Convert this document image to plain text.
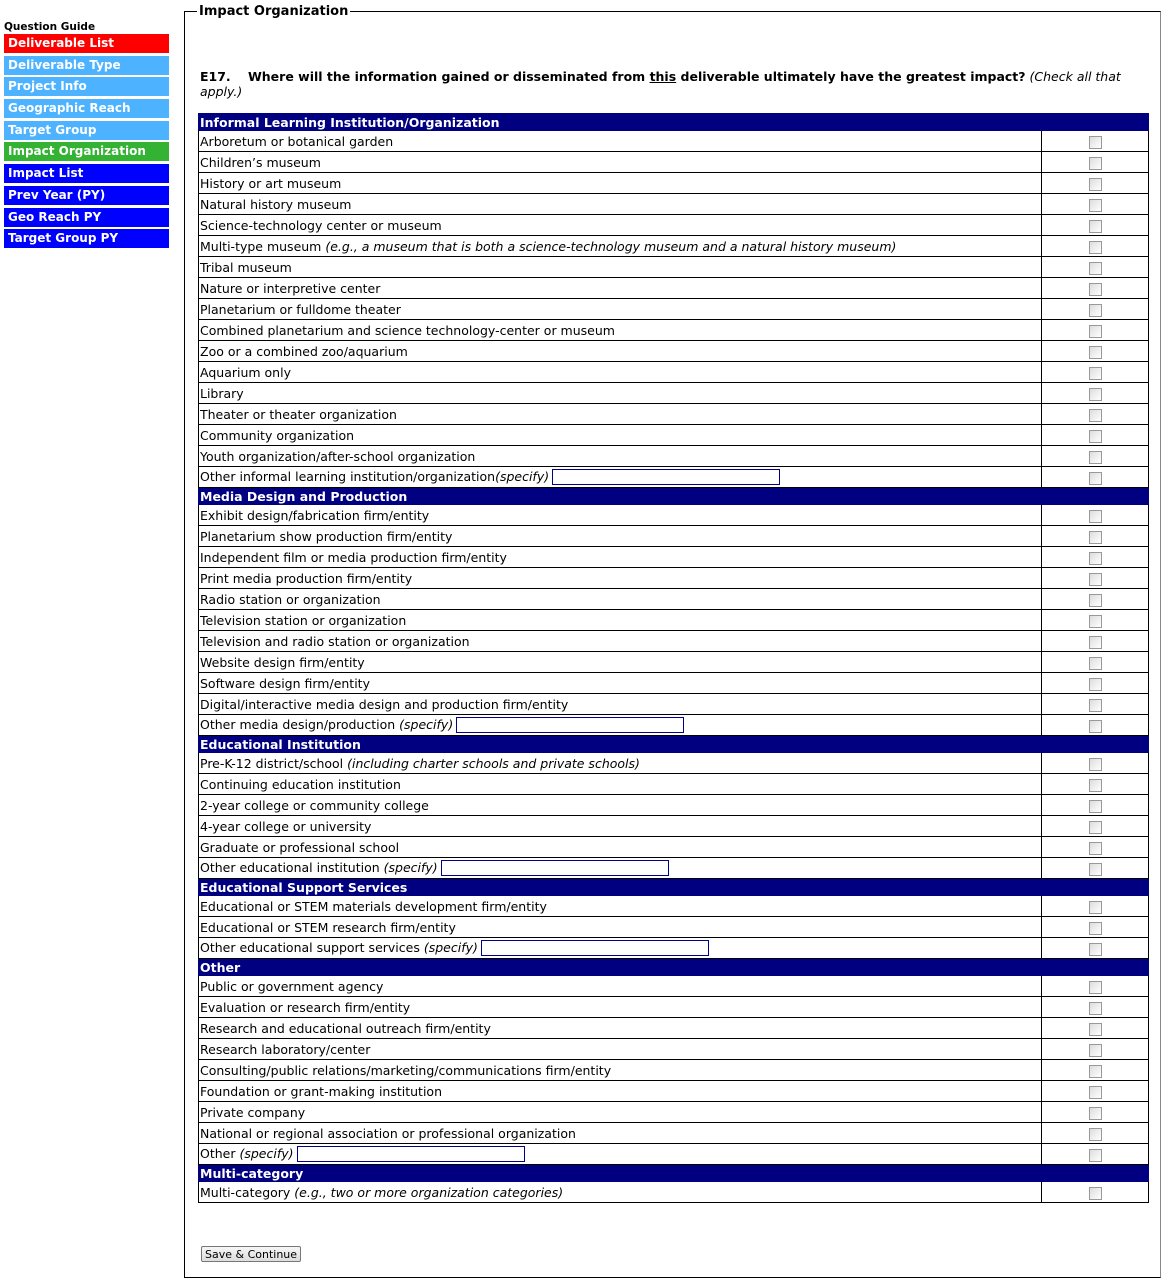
Question Guide
Deliverable List
Deliverable Type
Project Info
Geographic Reach
Target Group
Impact Organization
Impact List
Prev Year (PY)
Geo Reach PY
Target Group PY
Impact Organization
E17. Where will the information gained or disseminated from this deliverable ultimately have the greatest impact? (Check all that apply.)
Informal Learning Institution/Organization	
Arboretum or botanical garden	
Children’s museum	
History or art museum	
Natural history museum	
Science-technology center or museum	
Multi-type museum (e.g., a museum that is both a science-technology museum and a natural history museum)	
Tribal museum	
Nature or interpretive center	
Planetarium or fulldome theater	
Combined planetarium and science technology-center or museum	
Zoo or a combined zoo/aquarium	
Aquarium only	
Library	
Theater or theater organization	
Community organization	
Youth organization/after-school organization	
Other informal learning institution/organization(specify)	
Media Design and Production	
Exhibit design/fabrication firm/entity	
Planetarium show production firm/entity	
Independent film or media production firm/entity	
Print media production firm/entity	
Radio station or organization	
Television station or organization	
Television and radio station or organization	
Website design firm/entity	
Software design firm/entity	
Digital/interactive media design and production firm/entity	
Other media design/production (specify)	
Educational Institution	
Pre-K-12 district/school (including charter schools and private schools)	
Continuing education institution	
2-year college or community college	
4-year college or university	
Graduate or professional school	
Other educational institution (specify)	
Educational Support Services	
Educational or STEM materials development firm/entity	
Educational or STEM research firm/entity	
Other educational support services (specify)	
Other	
Public or government agency	
Evaluation or research firm/entity	
Research and educational outreach firm/entity	
Research laboratory/center	
Consulting/public relations/marketing/communications firm/entity	
Foundation or grant-making institution	
Private company	
National or regional association or professional organization	
Other (specify)	
Multi-category	
Multi-category (e.g., two or more organization categories)	
Save & Continue
